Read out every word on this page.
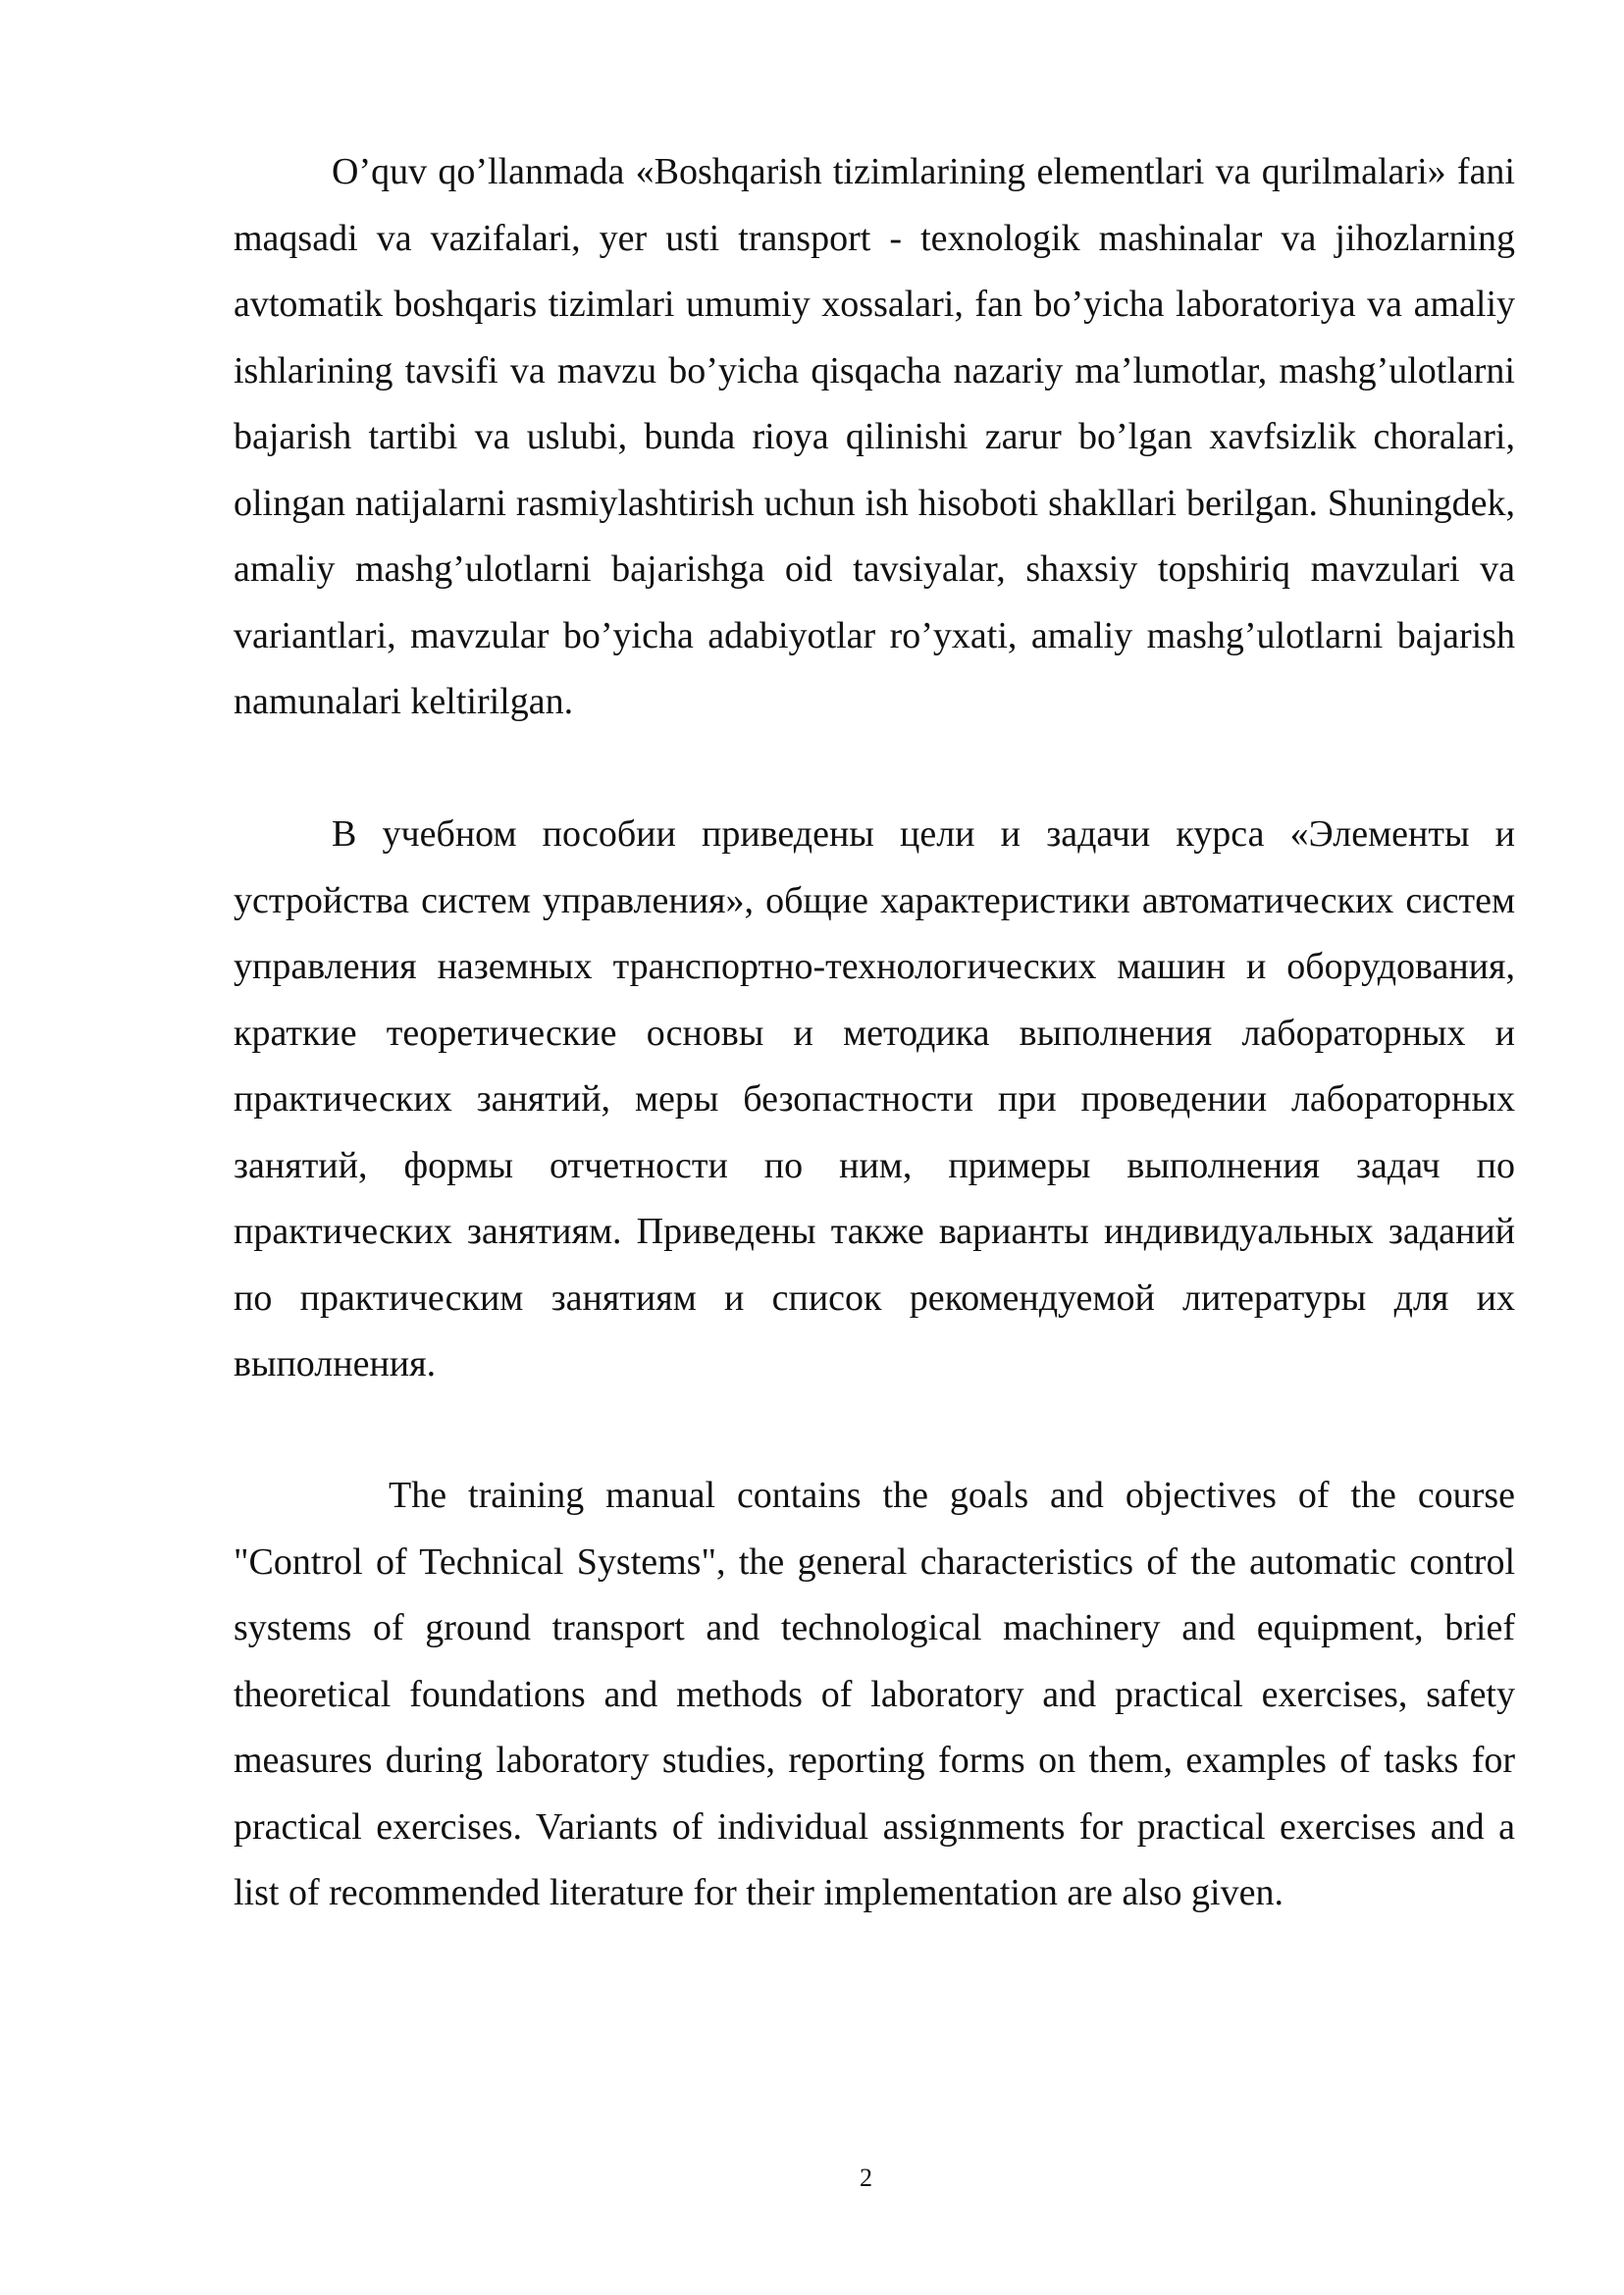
O’quv qo’llanmada «Boshqarish tizimlarining elementlari va qurilmalari» fani maqsadi va vazifalari, yer usti transport - texnologik mashinalar va jihozlarning avtomatik boshqaris tizimlari umumiy xossalari, fan bo’yicha laboratoriya va amaliy ishlarining tavsifi va mavzu bo’yicha qisqacha nazariy ma’lumotlar, mashg’ulotlarni bajarish tartibi va uslubi, bunda rioya qilinishi zarur bo’lgan xavfsizlik choralari, olingan natijalarni rasmiylashtirish uchun ish hisoboti shakllari berilgan. Shuningdek, amaliy mashg’ulotlarni bajarishga oid tavsiyalar, shaxsiy topshiriq mavzulari va variantlari, mavzular bo’yicha adabiyotlar ro’yxati, amaliy mashg’ulotlarni bajarish namunalari keltirilgan.

В учебном пособии приведены цели и задачи курса «Элементы и устройства систем управления», общие характеристики автоматических систем управления наземных транспортно-технологических машин и оборудования, краткие теоретические основы и методика выполнения лабораторных и практических занятий, меры безопастности при проведении лабораторных занятий, формы отчетности по ним, примеры выполнения задач по практических занятиям. Приведены также варианты индивидуальных заданий по практическим занятиям и список рекомендуемой литературы для их выполнения.

The training manual contains the goals and objectives of the course "Control of Technical Systems", the general characteristics of the automatic control systems of ground transport and technological machinery and equipment, brief theoretical foundations and methods of laboratory and practical exercises, safety measures during laboratory studies, reporting forms on them, examples of tasks for practical exercises. Variants of individual assignments for practical exercises and a list of recommended literature for their implementation are also given.

2
